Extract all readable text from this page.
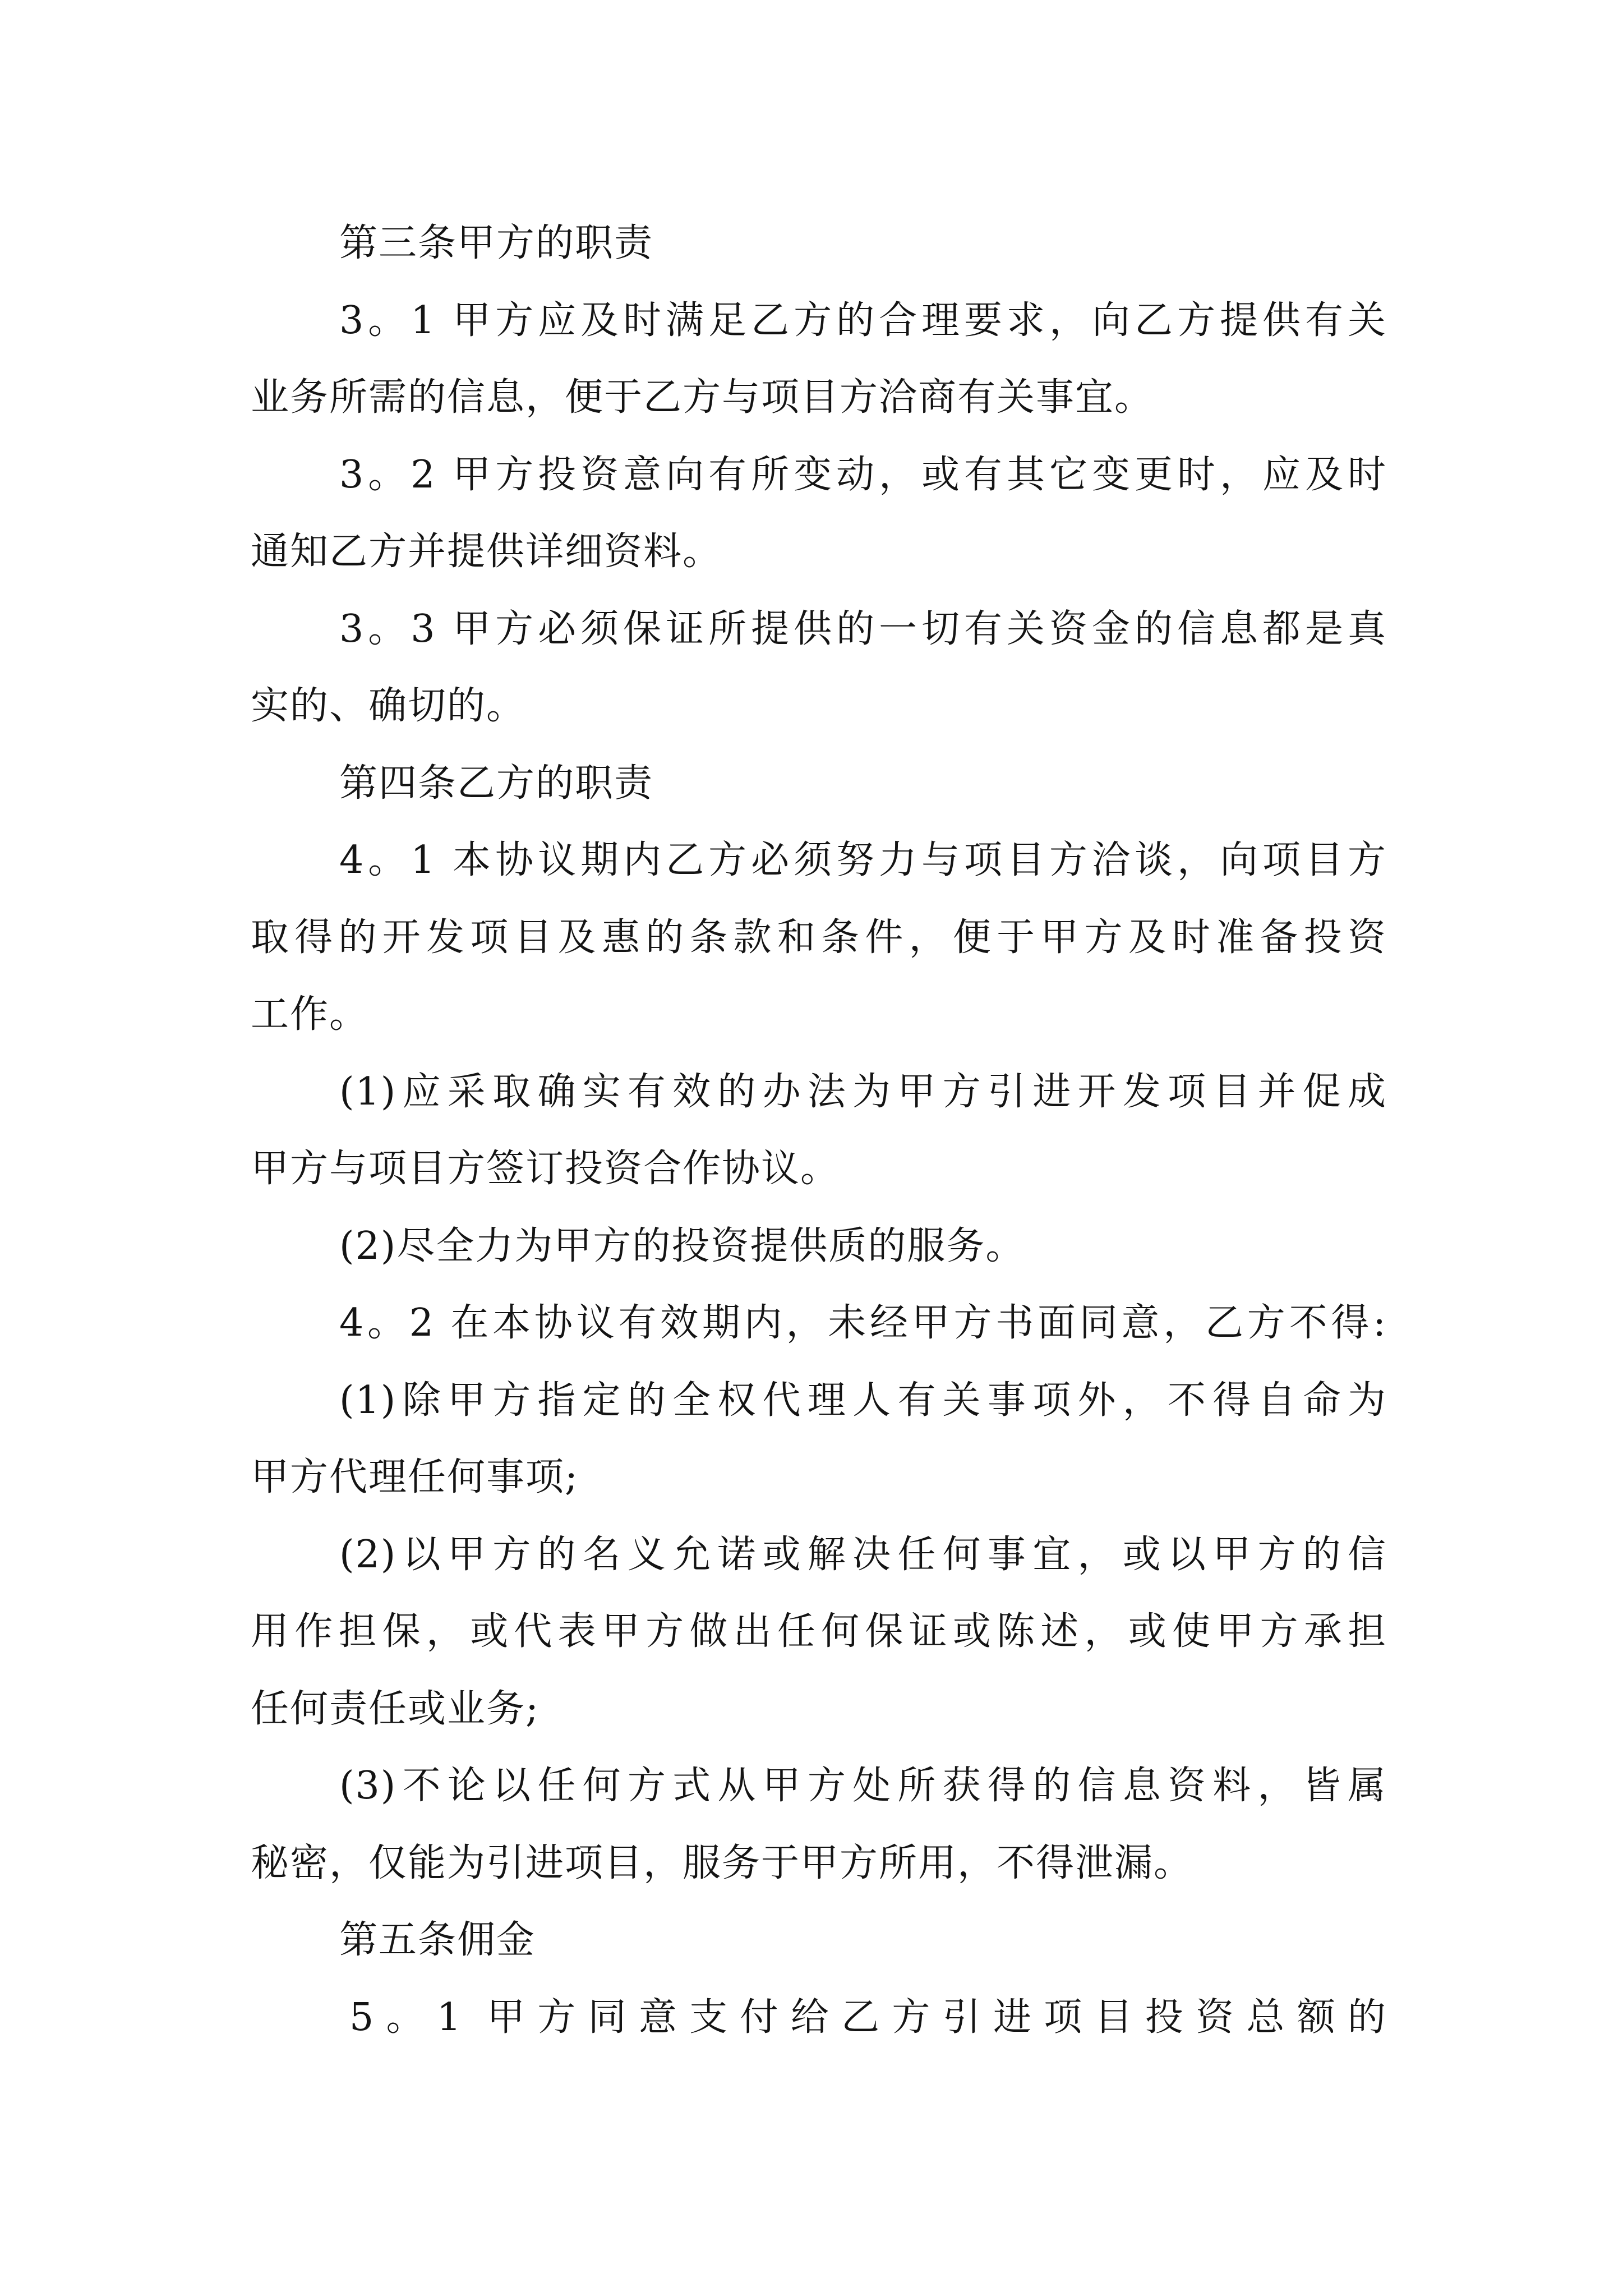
第三条甲方的职责
3。1 甲方应及时满足乙方的合理要求，向乙方提供有关
业务所需的信息，便于乙方与项目方洽商有关事宜。
3。2 甲方投资意向有所变动，或有其它变更时，应及时
通知乙方并提供详细资料。
3。3 甲方必须保证所提供的一切有关资金的信息都是真
实的、确切的。
第四条乙方的职责
4。1 本协议期内乙方必须努力与项目方洽谈，向项目方
取得的开发项目及惠的条款和条件，便于甲方及时准备投资
工作。
(1)应采取确实有效的办法为甲方引进开发项目并促成
甲方与项目方签订投资合作协议。
(2)尽全力为甲方的投资提供质的服务。
4。2 在本协议有效期内，未经甲方书面同意，乙方不得:
(1)除甲方指定的全权代理人有关事项外，不得自命为
甲方代理任何事项;
(2)以甲方的名义允诺或解决任何事宜，或以甲方的信
用作担保，或代表甲方做出任何保证或陈述，或使甲方承担
任何责任或业务;
(3)不论以任何方式从甲方处所获得的信息资料，皆属
秘密，仅能为引进项目，服务于甲方所用，不得泄漏。
第五条佣金
5。1 甲方同意支付给乙方引进项目投资总额的
